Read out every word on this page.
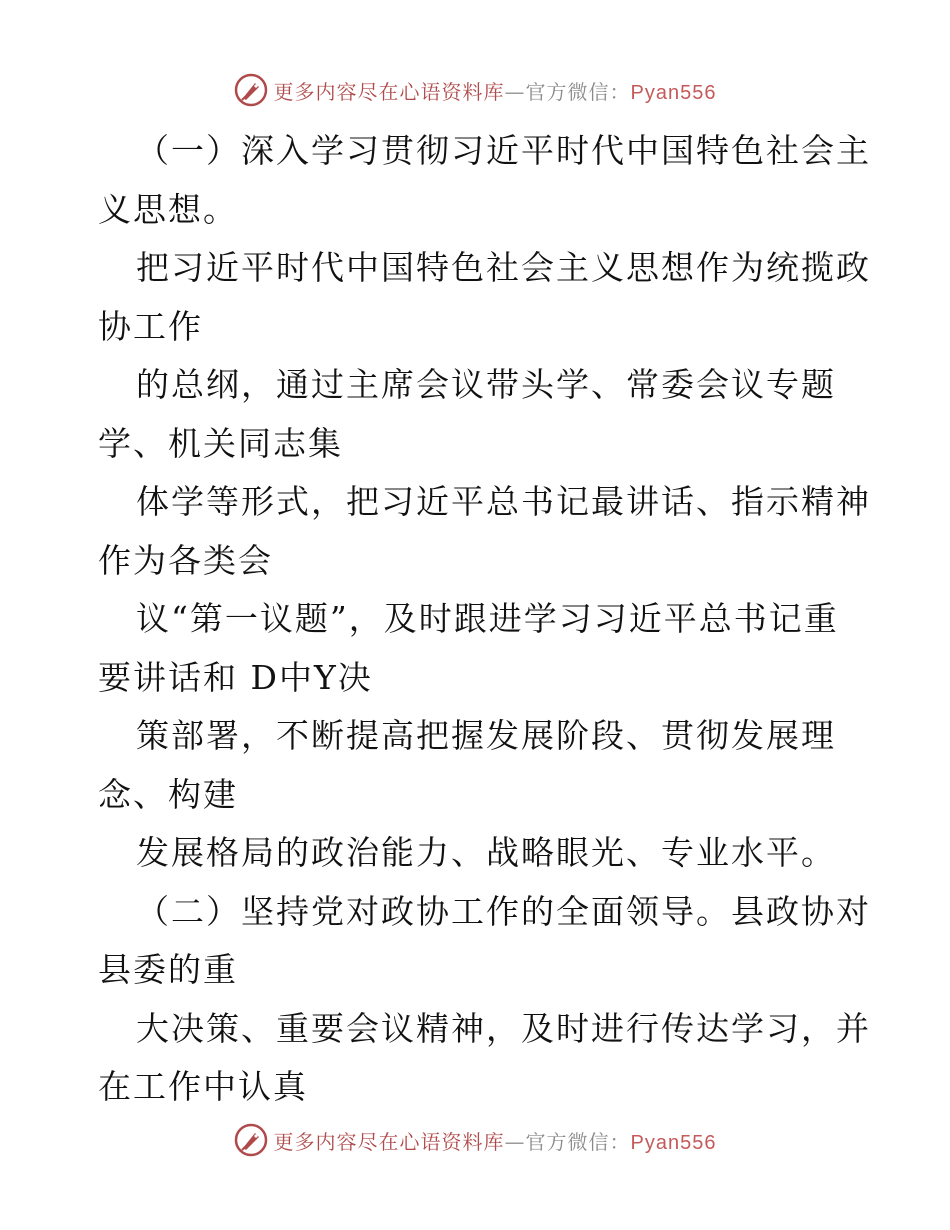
更多内容尽在心语资料库—官方微信：Pyan556
（一）深入学习贯彻习近平时代中国特色社会主
义思想。
把习近平时代中国特色社会主义思想作为统揽政
协工作
的总纲，通过主席会议带头学、常委会议专题
学、机关同志集
体学等形式，把习近平总书记最讲话、指示精神
作为各类会
议“第一议题”，及时跟进学习习近平总书记重
要讲话和 D中Y决
策部署，不断提高把握发展阶段、贯彻发展理
念、构建
发展格局的政治能力、战略眼光、专业水平。
（二）坚持党对政协工作的全面领导。县政协对
县委的重
大决策、重要会议精神，及时进行传达学习，并
在工作中认真
更多内容尽在心语资料库—官方微信：Pyan556
